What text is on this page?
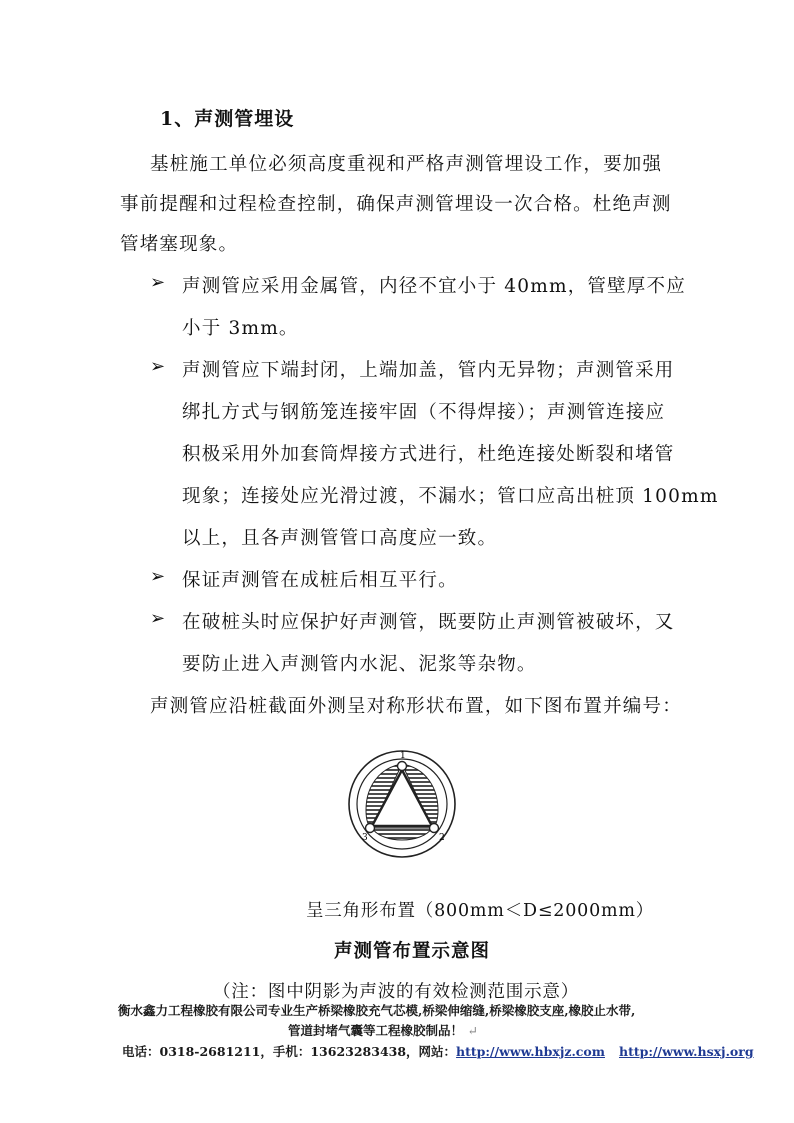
1、声测管埋设
基桩施工单位必须高度重视和严格声测管埋设工作，要加强
事前提醒和过程检查控制，确保声测管埋设一次合格。杜绝声测
管堵塞现象。
➢ 声测管应采用金属管，内径不宜小于 40mm，管壁厚不应
小于 3mm。
➢ 声测管应下端封闭，上端加盖，管内无异物；声测管采用
绑扎方式与钢筋笼连接牢固（不得焊接）；声测管连接应
积极采用外加套筒焊接方式进行，杜绝连接处断裂和堵管
现象；连接处应光滑过渡，不漏水；管口应高出桩顶 100mm
以上，且各声测管管口高度应一致。
➢ 保证声测管在成桩后相互平行。
➢ 在破桩头时应保护好声测管，既要防止声测管被破坏，又
要防止进入声测管内水泥、泥浆等杂物。
声测管应沿桩截面外测呈对称形状布置，如下图布置并编号：
1
2
3
呈三角形布置（800mm＜D≤2000mm）
声测管布置示意图
（注：图中阴影为声波的有效检测范围示意）
衡水鑫力工程橡胶有限公司专业生产桥梁橡胶充气芯模,桥梁伸缩缝,桥梁橡胶支座,橡胶止水带,
管道封堵气囊等工程橡胶制品！ ↵
电话：0318-2681211，手机：13623283438，网站：http://www.hbxjz.com http://www.hsxj.org
